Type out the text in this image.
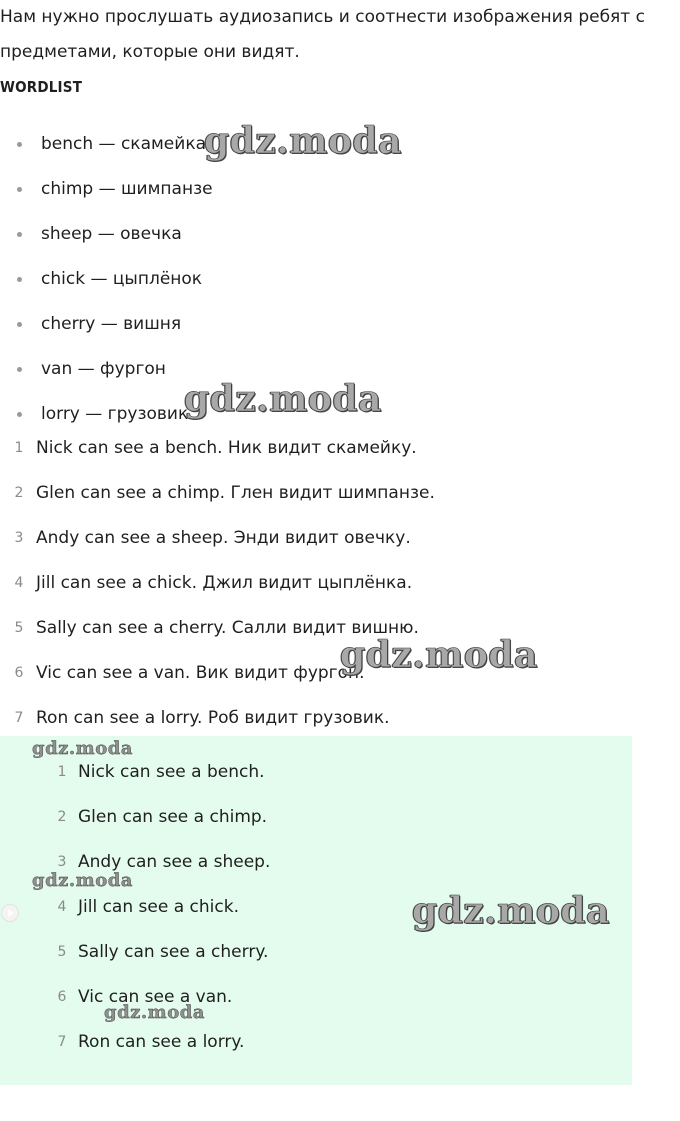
Нам нужно прослушать аудиозапись и соотнести изображения ребят с

предметами, которые они видят.

WORDLIST
bench — скамейка
chimp — шимпанзе
sheep — овечка
chick — цыплёнок
cherry — вишня
van — фургон
lorry — грузовик
1 Nick can see a bench. Ник видит скамейку.
2 Glen can see a chimp. Глен видит шимпанзе.
3 Andy can see a sheep. Энди видит овечку.
4 Jill can see a chick. Джил видит цыплёнка.
5 Sally can see a cherry. Салли видит вишню.
6 Vic can see a van. Вик видит фургон.
7 Ron can see a lorry. Роб видит грузовик.
1 Nick can see a bench.
2 Glen can see a chimp.
3 Andy can see a sheep.
4 Jill can see a chick.
5 Sally can see a cherry.
6 Vic can see a van.
7 Ron can see a lorry.
gdz.moda
gdz.moda
gdz.moda
gdz.moda
gdz.moda
gdz.moda
gdz.moda
